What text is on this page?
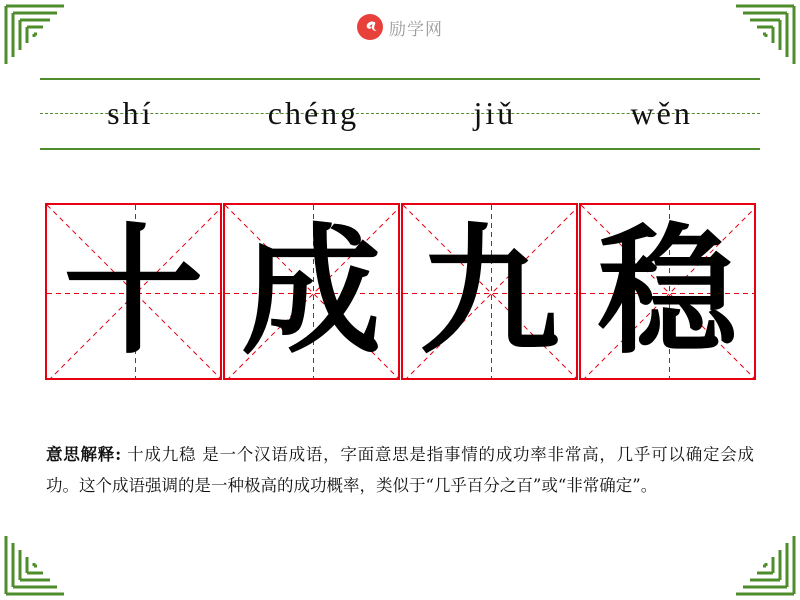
励学网
shí	chéng	jiǔ	wěn
十 成 九 稳
意思解释: 十成九稳 是一个汉语成语，字面意思是指事情的成功率非常高，几乎可以确定会成功。这个成语强调的是一种极高的成功概率，类似于“几乎百分之百”或“非常确定”。
